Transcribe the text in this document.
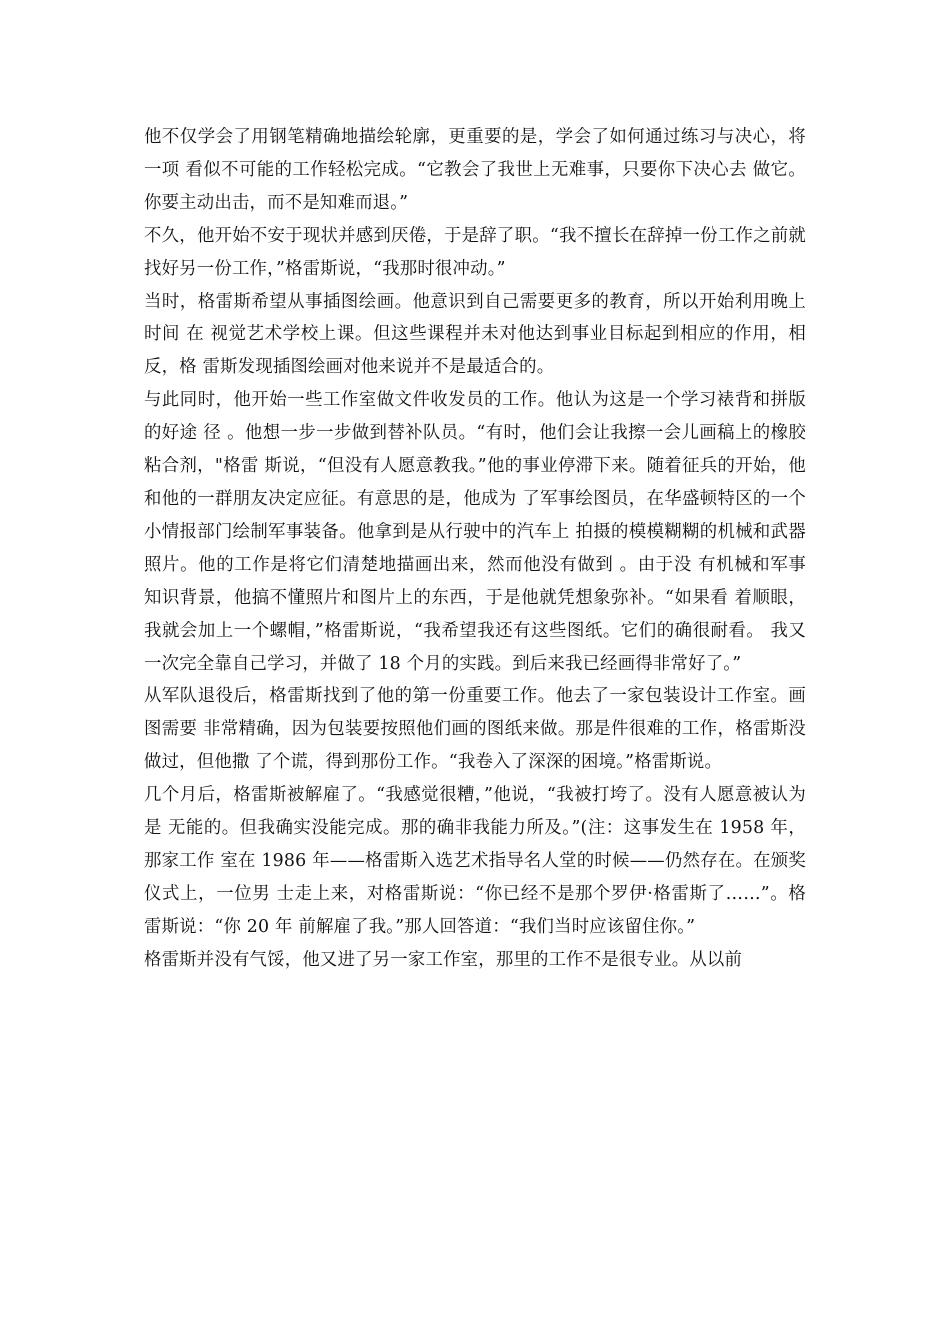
他不仅学会了用钢笔精确地描绘轮廓，更重要的是，学会了如何通过练习与决心，将一项 看似不可能的工作轻松完成。“它教会了我世上无难事，只要你下决心去 做它。你要主动出击，而不是知难而退。”

不久，他开始不安于现状并感到厌倦，于是辞了职。“我不擅长在辞掉一份工作之前就 找好另一份工作，”格雷斯说，“我那时很冲动。”

当时，格雷斯希望从事插图绘画。他意识到自己需要更多的教育，所以开始利用晚上时间 在 视觉艺术学校上课。但这些课程并未对他达到事业目标起到相应的作用，相反，格 雷斯发现插图绘画对他来说并不是最适合的。

与此同时，他开始一些工作室做文件收发员的工作。他认为这是一个学习裱背和拼版的好途 径 。他想一步一步做到替补队员。“有时，他们会让我擦一会儿画稿上的橡胶粘合剂，"格雷 斯说，“但没有人愿意教我。”他的事业停滞下来。随着征兵的开始，他和他的一群朋友决定应征。有意思的是，他成为 了军事绘图员，在华盛顿特区的一个小情报部门绘制军事装备。他拿到是从行驶中的汽车上 拍摄的模模糊糊的机械和武器照片。他的工作是将它们清楚地描画出来，然而他没有做到 。由于没 有机械和军事知识背景，他搞不懂照片和图片上的东西，于是他就凭想象弥补。“如果看 着顺眼，我就会加上一个螺帽，”格雷斯说，“我希望我还有这些图纸。它们的确很耐看。 我又一次完全靠自己学习，并做了 18 个月的实践。到后来我已经画得非常好了。”

从军队退役后，格雷斯找到了他的第一份重要工作。他去了一家包装设计工作室。画图需要 非常精确，因为包装要按照他们画的图纸来做。那是件很难的工作，格雷斯没做过，但他撒 了个谎，得到那份工作。“我卷入了深深的困境。”格雷斯说。

几个月后，格雷斯被解雇了。“我感觉很糟，”他说，“我被打垮了。没有人愿意被认为是 无能的。但我确实没能完成。那的确非我能力所及。”(注：这事发生在 1958 年，那家工作 室在 1986 年——格雷斯入选艺术指导名人堂的时候——仍然存在。在颁奖仪式上，一位男 士走上来，对格雷斯说：“你已经不是那个罗伊·格雷斯了……”。格雷斯说：“你 20 年 前解雇了我。”那人回答道：“我们当时应该留住你。”

格雷斯并没有气馁，他又进了另一家工作室，那里的工作不是很专业。从以前
